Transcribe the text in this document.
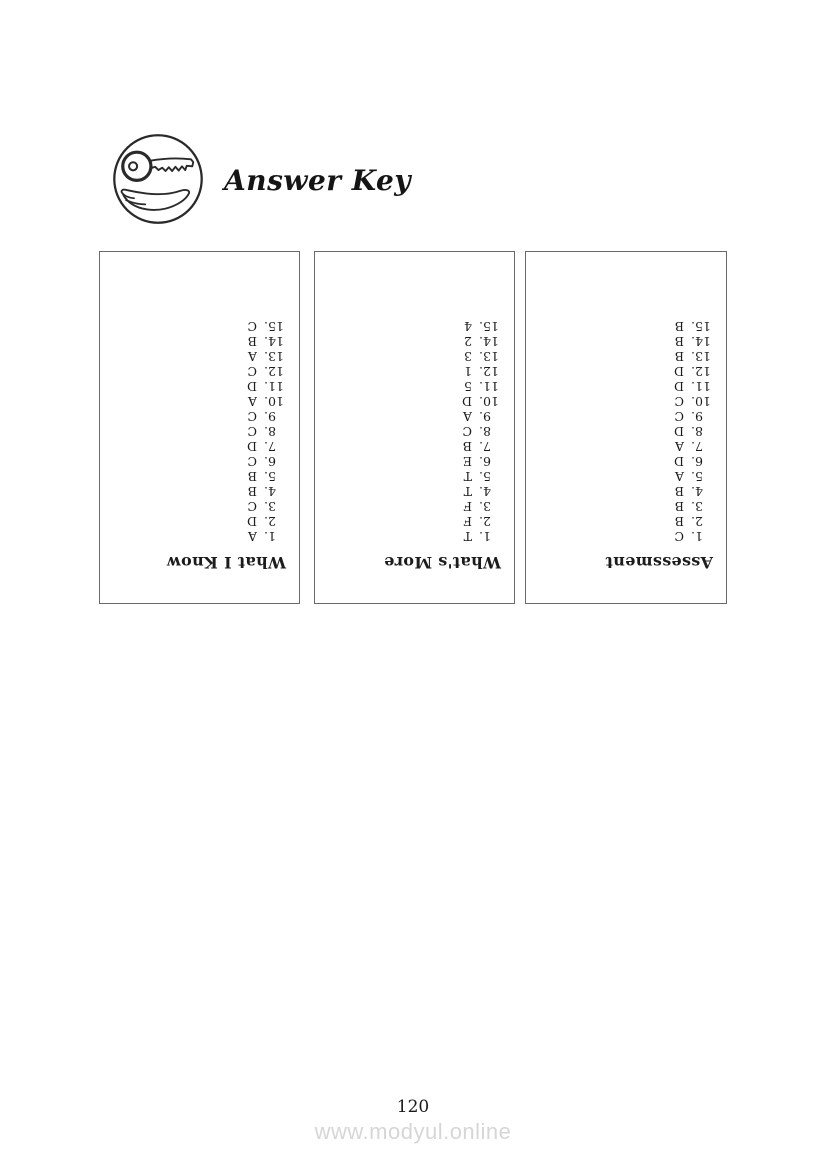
Answer Key
What I Know
1.
A
2.
D
3.
C
4.
B
5.
B
6.
C
7.
D
8.
C
9.
C
10.
A
11.
D
12.
C
13.
A
14.
B
15.
C
What's More
1.
T
2.
F
3.
F
4.
T
5.
T
6.
E
7.
B
8.
C
9.
A
10.
D
11.
5
12.
1
13.
3
14.
2
15.
4
Assessment
1.
C
2.
B
3.
B
4.
B
5.
A
6.
D
7.
A
8.
D
9.
C
10.
C
11.
D
12.
D
13.
B
14.
B
15.
B
120
www.modyul.online
